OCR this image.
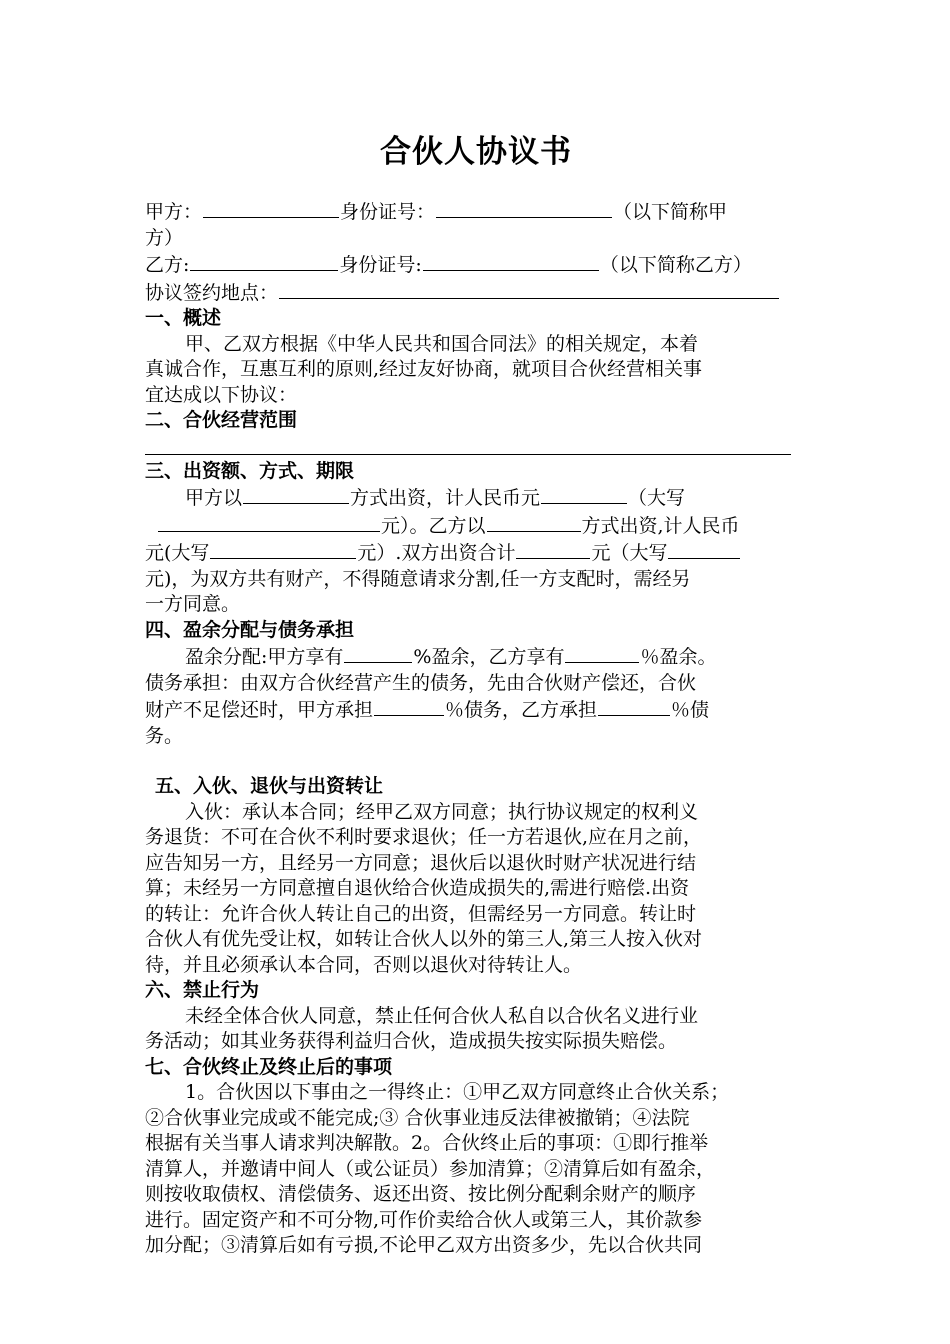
合伙人协议书
甲方：	身份证号：	（以下简称甲
方）
乙方:	身份证号:	（以下简称乙方）
协议签约地点：
一、概述
甲、乙双方根据《中华人民共和国合同法》的相关规定，本着
真诚合作，互惠互利的原则,经过友好协商，就项目合伙经营相关事
宜达成以下协议：
二、合伙经营范围
三、出资额、方式、期限
甲方以	方式出资，计人民币元	（大写
元）。乙方以	方式出资,计人民币
元(大写	元）.双方出资合计	元（大写
元)，为双方共有财产，不得随意请求分割,任一方支配时，需经另
一方同意。
四、盈余分配与债务承担
盈余分配:甲方享有	%盈余，乙方享有	％盈余。
债务承担：由双方合伙经营产生的债务，先由合伙财产偿还，合伙
财产不足偿还时，甲方承担	％债务，乙方承担	％债
务。
五、入伙、退伙与出资转让
入伙：承认本合同；经甲乙双方同意；执行协议规定的权利义
务退货：不可在合伙不利时要求退伙；任一方若退伙,应在月之前，
应告知另一方，且经另一方同意；退伙后以退伙时财产状况进行结
算；未经另一方同意擅自退伙给合伙造成损失的,需进行赔偿.出资
的转让：允许合伙人转让自己的出资，但需经另一方同意。转让时
合伙人有优先受让权，如转让合伙人以外的第三人,第三人按入伙对
待，并且必须承认本合同，否则以退伙对待转让人。
六、禁止行为
未经全体合伙人同意，禁止任何合伙人私自以合伙名义进行业
务活动；如其业务获得利益归合伙，造成损失按实际损失赔偿。
七、合伙终止及终止后的事项
1。合伙因以下事由之一得终止：①甲乙双方同意终止合伙关系；
②合伙事业完成或不能完成;③ 合伙事业违反法律被撤销；④法院
根据有关当事人请求判决解散。2。合伙终止后的事项：①即行推举
清算人，并邀请中间人（或公证员）参加清算；②清算后如有盈余，
则按收取债权、清偿债务、返还出资、按比例分配剩余财产的顺序
进行。固定资产和不可分物,可作价卖给合伙人或第三人，其价款参
加分配；③清算后如有亏损,不论甲乙双方出资多少，先以合伙共同
